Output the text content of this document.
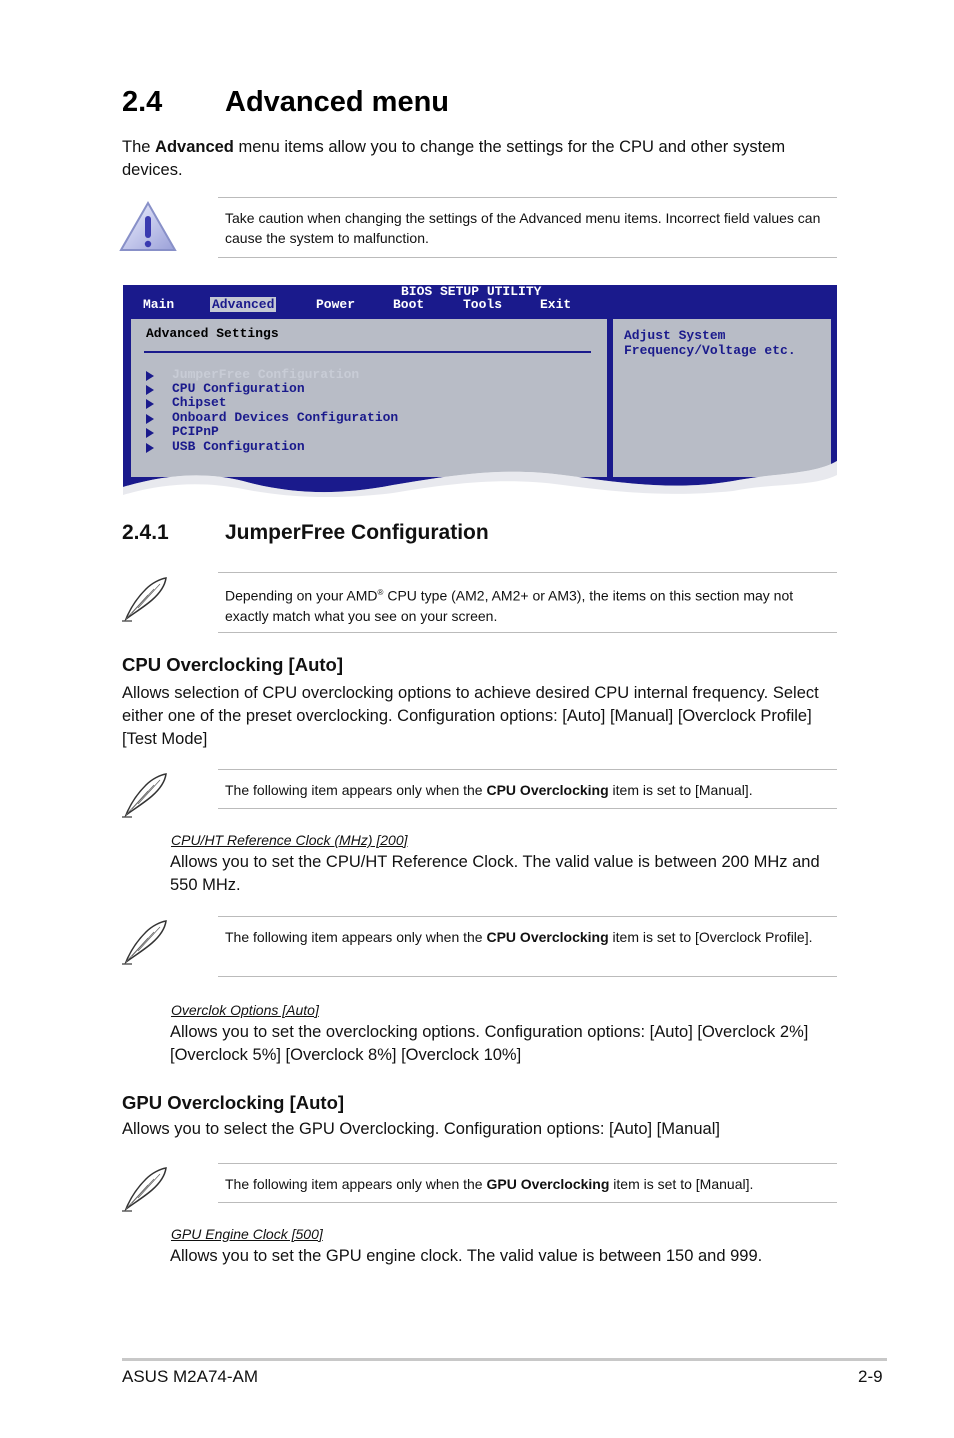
2.4 Advanced menu
The Advanced menu items allow you to change the settings for the CPU and other system devices.
Take caution when changing the settings of the Advanced menu items. Incorrect field values can cause the system to malfunction.
BIOS SETUP UTILITY
Main	Advanced	Power	Boot	Tools	Exit
Advanced Settings
JumperFree Configuration
CPU Configuration
Chipset
Onboard Devices Configuration
PCIPnP
USB Configuration
Adjust System
Frequency/Voltage etc.
2.4.1	JumperFree Configuration
Depending on your AMD® CPU type (AM2, AM2+ or AM3), the items on this section may not exactly match what you see on your screen.
CPU Overclocking [Auto]
Allows selection of CPU overclocking options to achieve desired CPU internal frequency. Select either one of the preset overclocking. Configuration options: [Auto] [Manual] [Overclock Profile] [Test Mode]
The following item appears only when the CPU Overclocking item is set to [Manual].
CPU/HT Reference Clock (MHz) [200]
Allows you to set the CPU/HT Reference Clock. The valid value is between 200 MHz and 550 MHz.
The following item appears only when the CPU Overclocking item is set to [Overclock Profile].
Overclok Options [Auto]
Allows you to set the overclocking options. Configuration options: [Auto] [Overclock 2%] [Overclock 5%] [Overclock 8%] [Overclock 10%]
GPU Overclocking [Auto]
Allows you to select the GPU Overclocking. Configuration options: [Auto] [Manual]
The following item appears only when the GPU Overclocking item is set to [Manual].
GPU Engine Clock [500]
Allows you to set the GPU engine clock. The valid value is between 150 and 999.
ASUS M2A74-AM	2-9
